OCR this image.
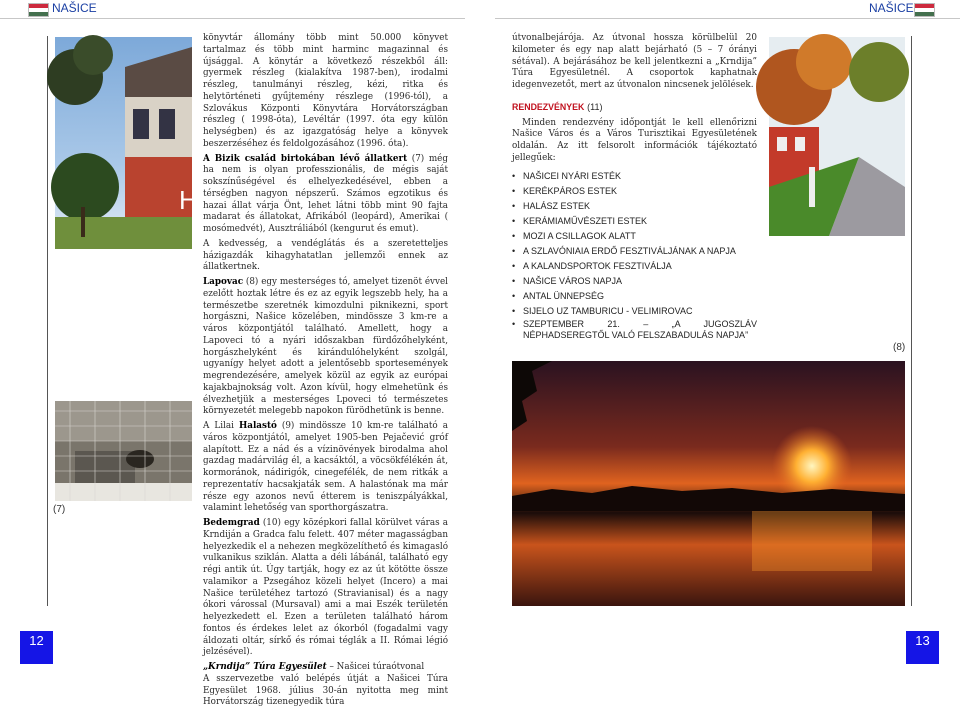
NAŠICE	NAŠICE
(7)
H

könyvtár állomány több mint 50.000 könyvet tartalmaz és több mint harminc magazinnal és újsággal. A könytár a következő részekből áll: gyermek részleg (kialakítva 1987-ben), irodalmi részleg, tanulmányi részleg, kézi, ritka és helytörténeti gyűjtemény részlege (1996-tól), a Szlovákus Központi Könyvtára Horvátországban részleg ( 1998-óta), Levéltár (1997. óta egy külön helységben) és az igazgatóság helye a könyvek beszerzéséhez és feldolgozásához (1996. óta).

A Bizik család birtokában lévő állatkert (7) még ha nem is olyan professzionális, de mégis saját sokszínűségével és elhelyezkedésével, ebben a térségben nagyon népszerű. Számos egzotikus és hazai állat várja Önt, lehet látni több mint 90 fajta madarat és állatokat, Afrikából (leopárd), Amerikai ( mosómedvét), Ausztráliából (kengurut és emut).

A kedvesség, a vendéglátás és a szeretetteljes házigazdák kihagyhatatlan jellemzői ennek az állatkertnek.

Lapovac (8) egy mesterséges tó, amelyet tizenöt évvel ezelőtt hoztak létre és ez az egyik legszebb hely, ha a természetbe szeretnék kimozdulni piknikezni, sport horgászni, Našice közelében, mindössze 3 km-re a város központjától található. Amellett, hogy a Lapoveci tó a nyári időszakban fürdőzőhelyként, horgászhelyként és kirándulóhelyként szolgál, ugyanígy helyet adott a jelentősebb sportesemények megrendezésére, amelyek közül az egyik az európai kajakbajnokság volt. Azon kívül, hogy elmehetünk és élvezhetjük a mesterséges Lpoveci tó természetes környezetét melegebb napokon fürödhetünk is benne.

A Lilai Halastó (9) mindössze 10 km-re található a város központjától, amelyet 1905-ben Pejačević gróf alapított. Ez a nád és a vízinövények birodalma ahol gazdag madárvilág él, a kacsáktól, a vöcsökfélékén át, kormoránok, nádirigók, cinegefélék, de nem ritkák a reprezentatív hacsakjaták sem. A halastónak ma már része egy azonos nevű étterem is teniszpályákkal, valamint lehetőség van sporthorgászatra.

Bedemgrad (10) egy középkori fallal körülvet váras a Krndiján a Gradca falu felett. 407 méter magasságban helyezkedik el a nehezen megközelíthető és kimagasló vulkanikus sziklán. Alatta a déli lábánál, található egy régi antik út. Úgy tartják, hogy ez az út kötötte össze valamikor a Pzsegához közeli helyet (Incero) a mai Našice területéhez tartozó (Stravianisal) és a nagy ókori várossal (Mursaval) ami a mai Eszék területén helyezkedett el. Ezen a területen található három fontos és érdekes lelet az ókorból (fogadalmi vagy áldozati oltár, sírkő és római téglák a II. Római légió jelzésével).

„Krndija” Túra Egyesület – Našicei túraótvonal

A sszervezetbe való belépés útját a Našicei Túra Egyesület 1968. július 30-án nyitotta meg mint Horvátország tizenegyedik túra

útvonalbejárója. Az útvonal hossza körülbelül 20 kilometer és egy nap alatt bejárható (5 – 7 órányi sétával). A bejárásához be kell jelentkezni a „Krndija” Túra Egyesületnél. A csoportok kaphatnak idegenvezetőt, mert az útvonalon nincsenek jelölések.

RENDEZVÉNYEK (11)

Minden rendezvény időpontját le kell ellenőrizni Našice Város és a Város Turisztikai Egyesületének oldalán. Az itt felsorolt információk tájékoztató jellegűek:

• NAŠICEI NYÁRI ESTÉK
• KERÉKPÁROS ESTEK
• HALÁSZ ESTEK
• KERÁMIAMŰVÉSZETI ESTEK
• MOZI A CSILLAGOK ALATT
• A SZLAVÓNIAIA ERDŐ FESZTIVÁLJÁNAK A NAPJA
• A KALANDSPORTOK FESZTIVÁLJA
• NAŠICE VÁROS NAPJA
• ANTAL ÜNNEPSÉG
• SIJELO UZ TAMBURICU - VELIMIROVAC
• SZEPTEMBER 21. – „A JUGOSZLÁV NÉPHADSEREGTŐL VALÓ FELSZABADULÁS NAPJA”
(8)
12	13
